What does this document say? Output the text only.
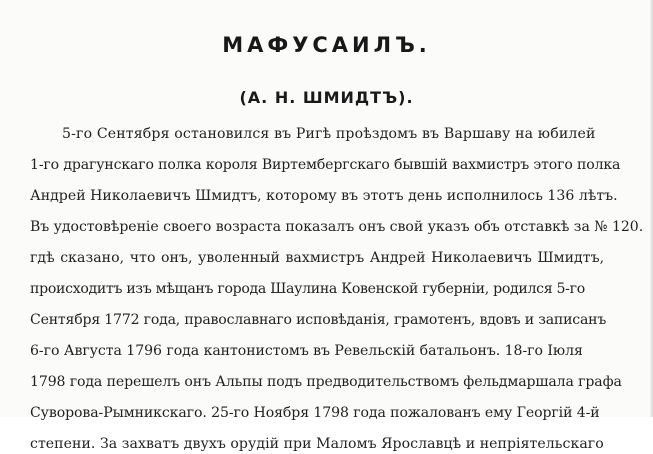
МАФУСАИЛЪ.
(А. Н. ШМИДТЪ).
5-го Сентября остановился въ Ригѣ проѣздомъ въ Варшаву на юбилей
1-го драгунскаго полка короля Виртембергскаго бывшій вахмистръ этого полка
Андрей Николаевичъ Шмидтъ, которому въ этотъ день исполнилось 136 лѣтъ.
Въ удостовѣреніе своего возраста показалъ онъ свой указъ объ отставкѣ за № 120.
гдѣ сказано, что онъ, уволенный вахмистръ Андрей Николаевичъ Шмидтъ,
происходитъ изъ мѣщанъ города Шаулина Ковенской губерніи, родился 5-го
Сентября 1772 года, православнаго исповѣданія, грамотенъ, вдовъ и записанъ
6-го Августа 1796 года кантонистомъ въ Ревельскій батальонъ. 18-го Іюля
1798 года перешелъ онъ Альпы подъ предводительствомъ фельдмаршала графа
Суворова-Рымникскаго. 25-го Ноября 1798 года пожалованъ ему Георгій 4-й
степени. За захватъ двухъ орудій при Маломъ Ярославцѣ и непріятельскаго
